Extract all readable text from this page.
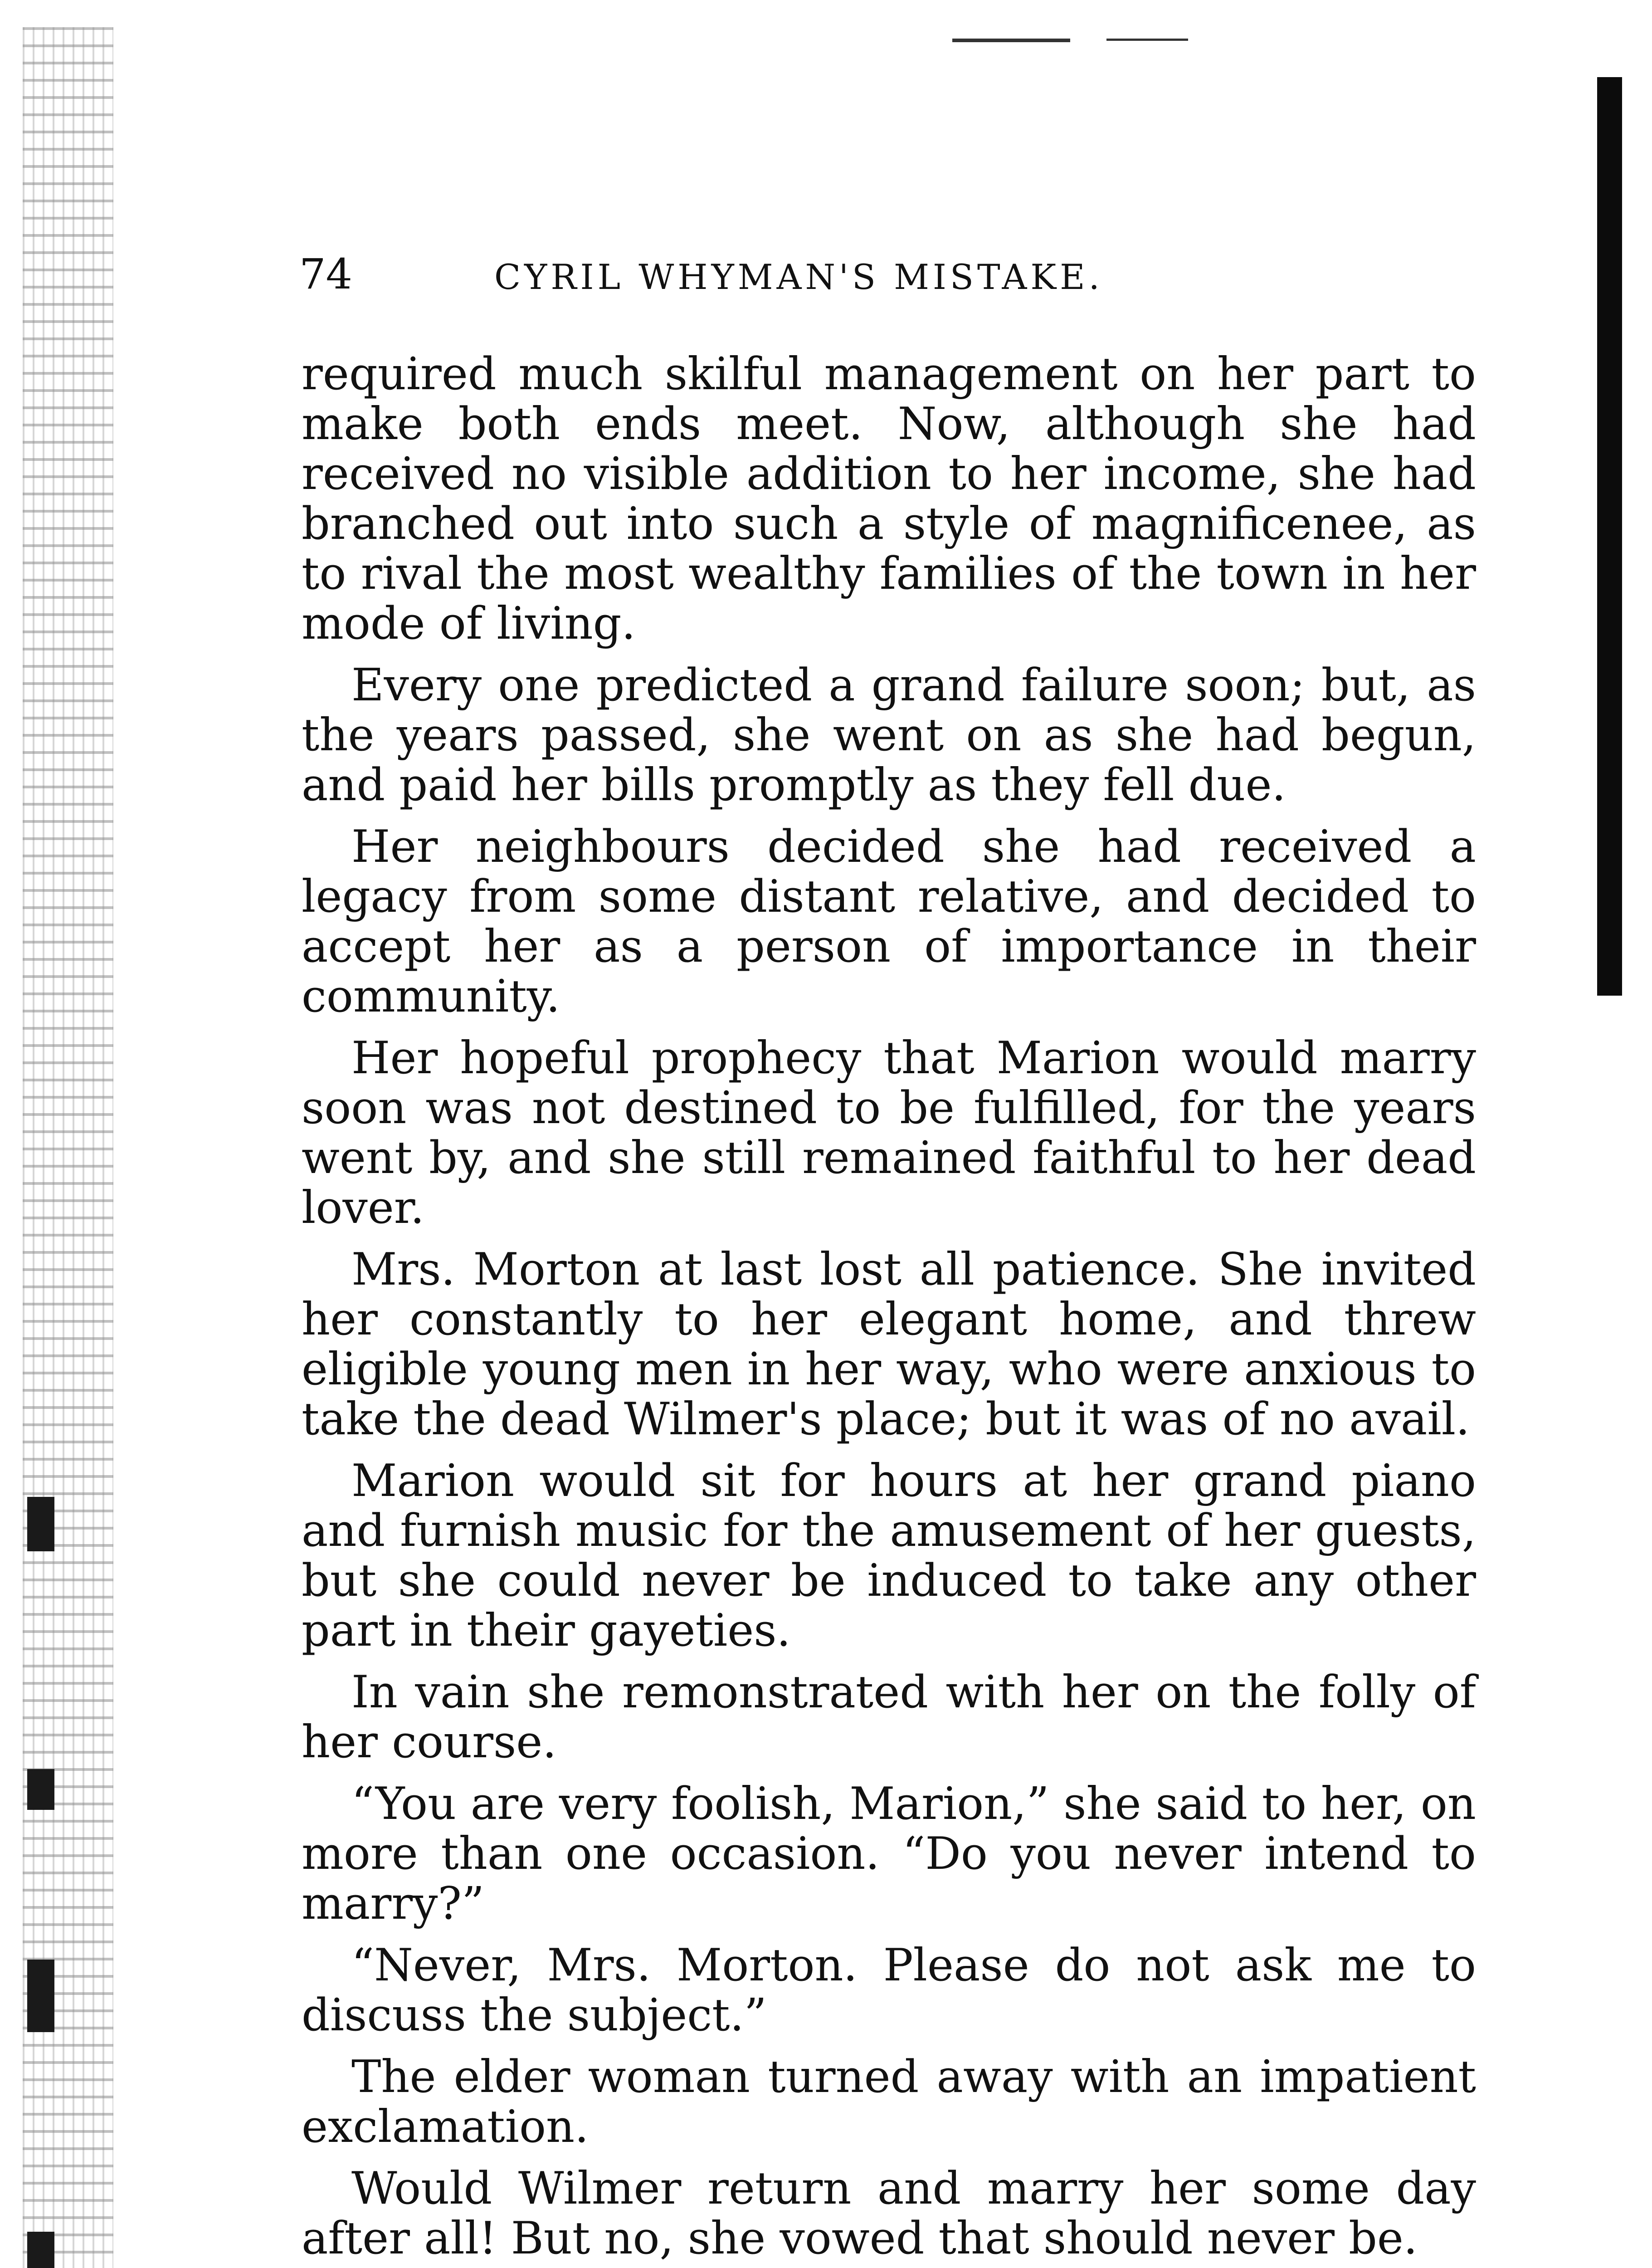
74	CYRIL WHYMAN'S MISTAKE.

required much skilful management on her part to make both ends meet. Now, although she had received no visible addition to her income, she had branched out into such a style of magnificenee, as to rival the most wealthy families of the town in her mode of living.

Every one predicted a grand failure soon; but, as the years passed, she went on as she had begun, and paid her bills promptly as they fell due.

Her neighbours decided she had received a legacy from some distant relative, and decided to accept her as a person of importance in their community.

Her hopeful prophecy that Marion would marry soon was not destined to be fulfilled, for the years went by, and she still remained faithful to her dead lover.

Mrs. Morton at last lost all patience. She invited her constantly to her elegant home, and threw eligible young men in her way, who were anxious to take the dead Wilmer's place; but it was of no avail.

Marion would sit for hours at her grand piano and furnish music for the amusement of her guests, but she could never be induced to take any other part in their gayeties.

In vain she remonstrated with her on the folly of her course.

“You are very foolish, Marion,” she said to her, on more than one occasion. “Do you never intend to marry?”

“Never, Mrs. Morton. Please do not ask me to discuss the subject.”

The elder woman turned away with an impatient exclamation.

Would Wilmer return and marry her some day after all! But no, she vowed that should never be.
